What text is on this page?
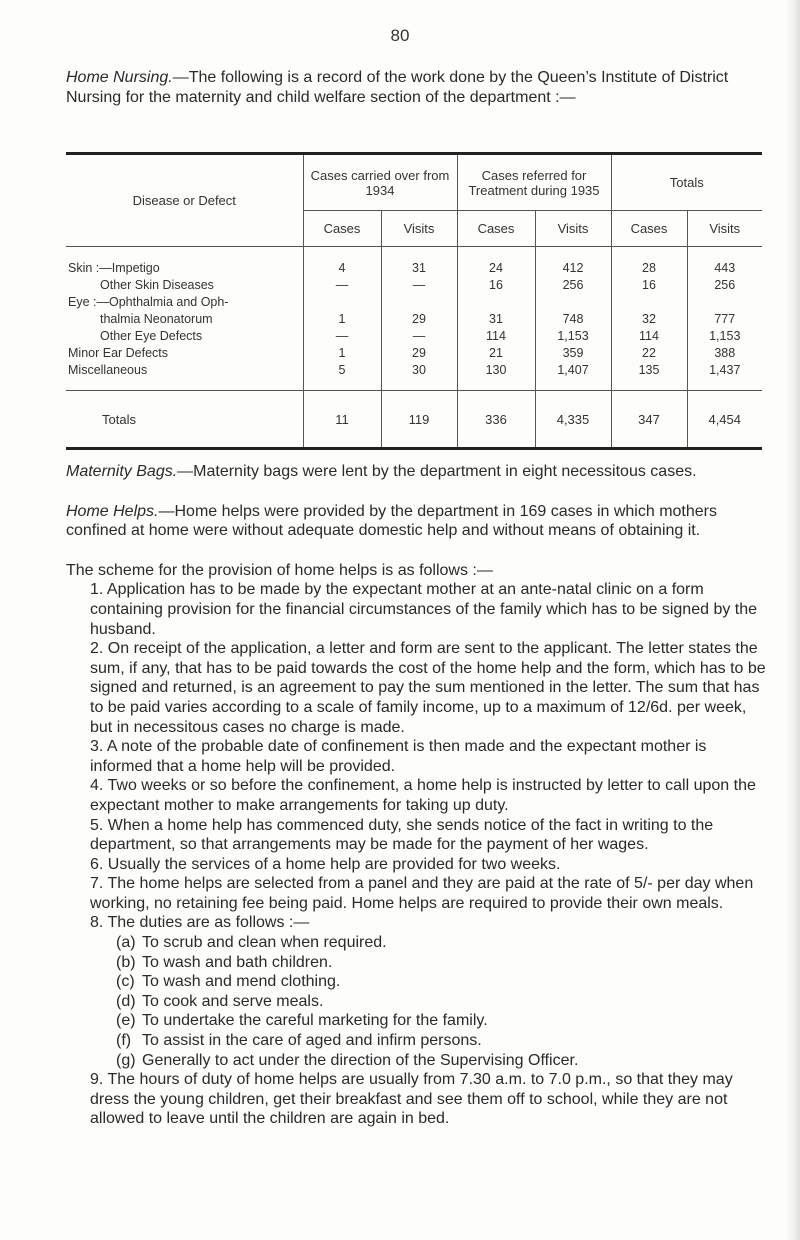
80
Home Nursing.—The following is a record of the work done by the Queen’s Institute of District Nursing for the maternity and child welfare section of the department :—
Disease or Defect	Cases carried over from 1934		Cases referred for Treatment during 1935		Totals	
	Cases	Visits	Cases	Visits	Cases	Visits
Skin :—Impetigo	4	31	24	412	28	443
Other Skin Diseases	—	—	16	256	16	256
Eye :—Ophthalmia and Oph-						
thalmia Neonatorum	1	29	31	748	32	777
Other Eye Defects	—	—	114	1,153	114	1,153
Minor Ear Defects	1	29	21	359	22	388
Miscellaneous	5	30	130	1,407	135	1,437
Totals	11	119	336	4,335	347	4,454

Maternity Bags.—Maternity bags were lent by the department in eight necessitous cases.

Home Helps.—Home helps were provided by the department in 169 cases in which mothers confined at home were without adequate domestic help and without means of obtaining it.

The scheme for the provision of home helps is as follows :—

1. Application has to be made by the expectant mother at an ante-natal clinic on a form containing provision for the financial circumstances of the family which has to be signed by the husband.

2. On receipt of the application, a letter and form are sent to the applicant. The letter states the sum, if any, that has to be paid towards the cost of the home help and the form, which has to be signed and returned, is an agreement to pay the sum mentioned in the letter. The sum that has to be paid varies according to a scale of family income, up to a maximum of 12/6d. per week, but in necessitous cases no charge is made.

3. A note of the probable date of confinement is then made and the expectant mother is informed that a home help will be provided.

4. Two weeks or so before the confinement, a home help is instructed by letter to call upon the expectant mother to make arrangements for taking up duty.

5. When a home help has commenced duty, she sends notice of the fact in writing to the department, so that arrangements may be made for the payment of her wages.

6. Usually the services of a home help are provided for two weeks.

7. The home helps are selected from a panel and they are paid at the rate of 5/- per day when working, no retaining fee being paid. Home helps are required to provide their own meals.

8. The duties are as follows :—

(a) To scrub and clean when required.

(b) To wash and bath children.

(c) To wash and mend clothing.

(d) To cook and serve meals.

(e) To undertake the careful marketing for the family.

(f) To assist in the care of aged and infirm persons.

(g) Generally to act under the direction of the Supervising Officer.

9. The hours of duty of home helps are usually from 7.30 a.m. to 7.0 p.m., so that they may dress the young children, get their breakfast and see them off to school, while they are not allowed to leave until the children are again in bed.
